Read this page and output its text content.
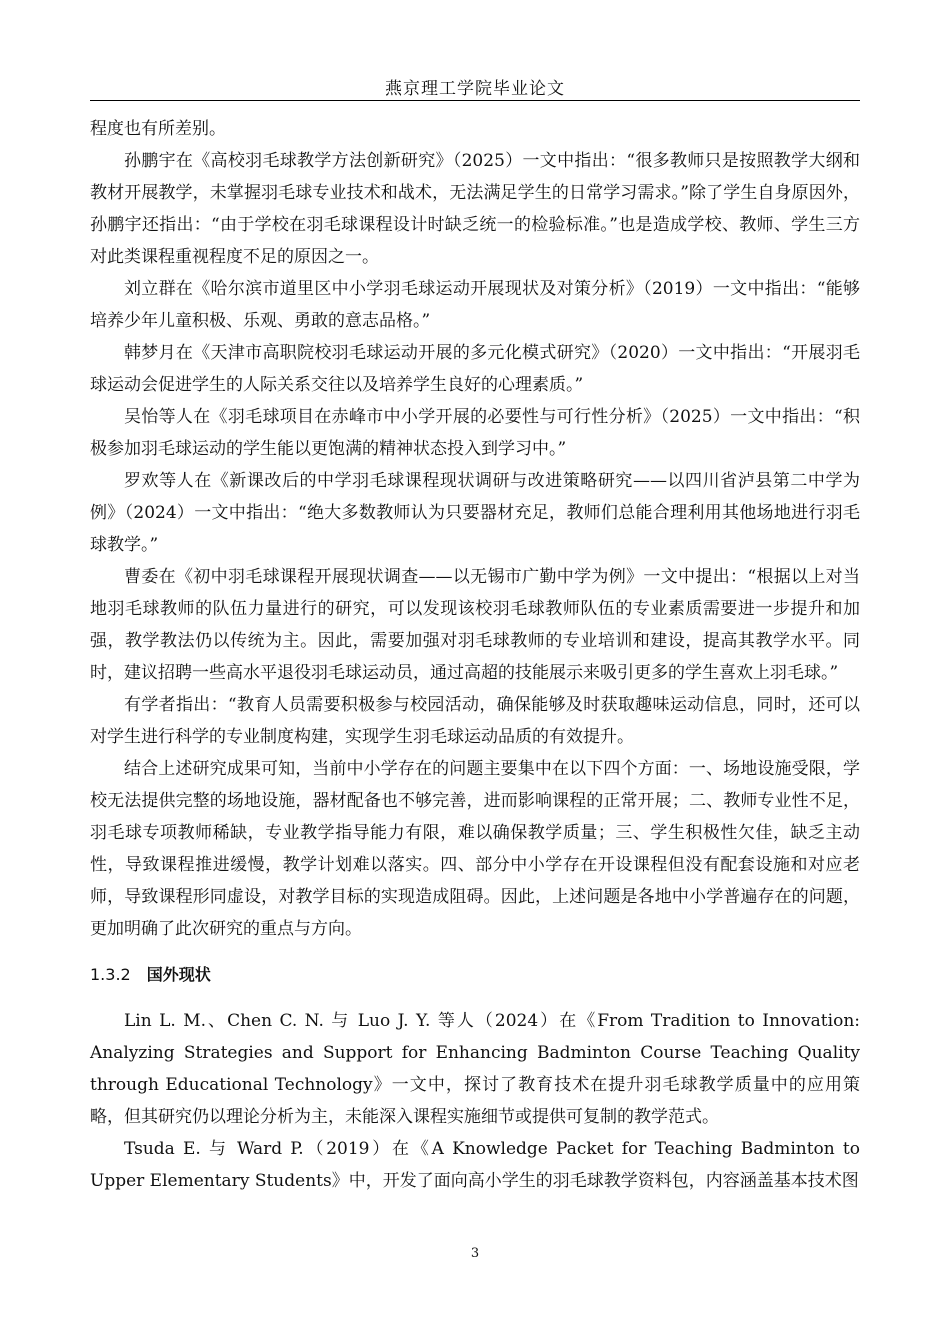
燕京理工学院毕业论文

程度也有所差别。

孙鹏宇在《高校羽毛球教学方法创新研究》（2025）一文中指出：“很多教师只是按照教学大纲和教材开展教学，未掌握羽毛球专业技术和战术，无法满足学生的日常学习需求。”除了学生自身原因外，孙鹏宇还指出：“由于学校在羽毛球课程设计时缺乏统一的检验标准。”也是造成学校、教师、学生三方对此类课程重视程度不足的原因之一。

刘立群在《哈尔滨市道里区中小学羽毛球运动开展现状及对策分析》（2019）一文中指出：“能够培养少年儿童积极、乐观、勇敢的意志品格。”

韩梦月在《天津市高职院校羽毛球运动开展的多元化模式研究》（2020）一文中指出：“开展羽毛球运动会促进学生的人际关系交往以及培养学生良好的心理素质。”

吴怡等人在《羽毛球项目在赤峰市中小学开展的必要性与可行性分析》（2025）一文中指出：“积极参加羽毛球运动的学生能以更饱满的精神状态投入到学习中。”

罗欢等人在《新课改后的中学羽毛球课程现状调研与改进策略研究——以四川省泸县第二中学为例》（2024）一文中指出：“绝大多数教师认为只要器材充足，教师们总能合理利用其他场地进行羽毛球教学。”

曹委在《初中羽毛球课程开展现状调查——以无锡市广勤中学为例》一文中提出：“根据以上对当地羽毛球教师的队伍力量进行的研究，可以发现该校羽毛球教师队伍的专业素质需要进一步提升和加强，教学教法仍以传统为主。因此，需要加强对羽毛球教师的专业培训和建设，提高其教学水平。同时，建议招聘一些高水平退役羽毛球运动员，通过高超的技能展示来吸引更多的学生喜欢上羽毛球。”

有学者指出：“教育人员需要积极参与校园活动，确保能够及时获取趣味运动信息，同时，还可以对学生进行科学的专业制度构建，实现学生羽毛球运动品质的有效提升。

结合上述研究成果可知，当前中小学存在的问题主要集中在以下四个方面：一、场地设施受限，学校无法提供完整的场地设施，器材配备也不够完善，进而影响课程的正常开展；二、教师专业性不足，羽毛球专项教师稀缺，专业教学指导能力有限，难以确保教学质量；三、学生积极性欠佳，缺乏主动性，导致课程推进缓慢，教学计划难以落实。四、部分中小学存在开设课程但没有配套设施和对应老师，导致课程形同虚设，对教学目标的实现造成阻碍。因此，上述问题是各地中小学普遍存在的问题，更加明确了此次研究的重点与方向。

1.3.2 国外现状

Lin L. M.、Chen C. N. 与 Luo J. Y. 等人（2024）在《From Tradition to Innovation: Analyzing Strategies and Support for Enhancing Badminton Course Teaching Quality through Educational Technology》一文中，探讨了教育技术在提升羽毛球教学质量中的应用策略，但其研究仍以理论分析为主，未能深入课程实施细节或提供可复制的教学范式。

Tsuda E. 与 Ward P.（2019）在《A Knowledge Packet for Teaching Badminton to Upper Elementary Students》中，开发了面向高小学生的羽毛球教学资料包，内容涵盖基本技术图

3
